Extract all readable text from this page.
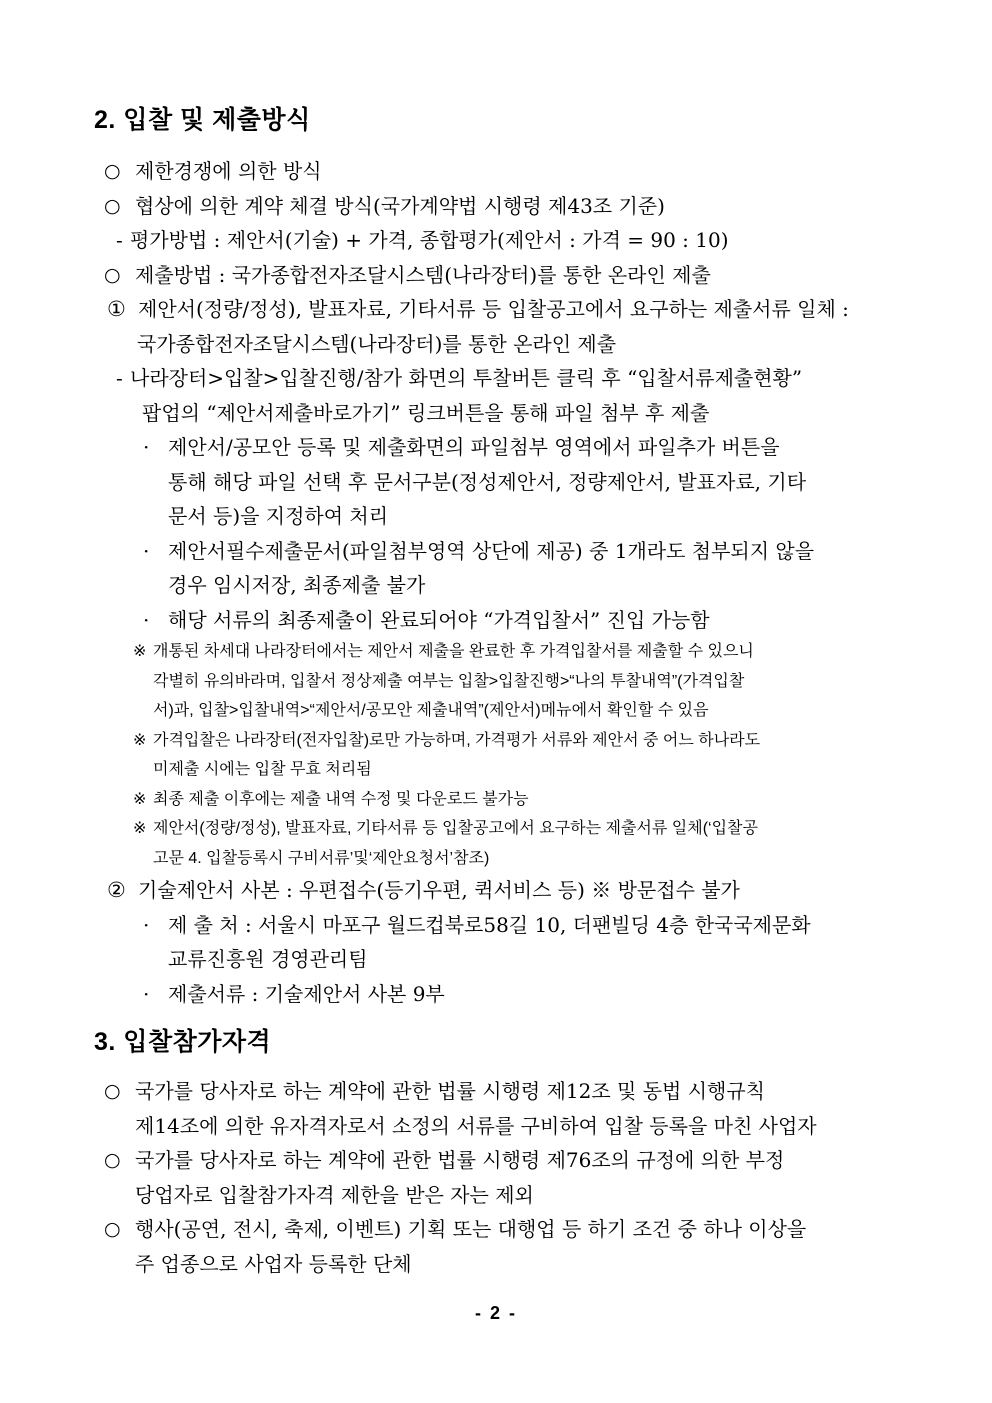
2. 입찰 및 제출방식
○ 제한경쟁에 의한 방식
○ 협상에 의한 계약 체결 방식(국가계약법 시행령 제43조 기준)
- 평가방법 : 제안서(기술) + 가격, 종합평가(제안서 : 가격 = 90 : 10)
○ 제출방법 : 국가종합전자조달시스템(나라장터)를 통한 온라인 제출
① 제안서(정량/정성), 발표자료, 기타서류 등 입찰공고에서 요구하는 제출서류 일체 :
국가종합전자조달시스템(나라장터)를 통한 온라인 제출
- 나라장터>입찰>입찰진행/참가 화면의 투찰버튼 클릭 후 “입찰서류제출현황”
팝업의 “제안서제출바로가기” 링크버튼을 통해 파일 첨부 후 제출
· 제안서/공모안 등록 및 제출화면의 파일첨부 영역에서 파일추가 버튼을
통해 해당 파일 선택 후 문서구분(정성제안서, 정량제안서, 발표자료, 기타
문서 등)을 지정하여 처리
· 제안서필수제출문서(파일첨부영역 상단에 제공) 중 1개라도 첨부되지 않을
경우 임시저장, 최종제출 불가
· 해당 서류의 최종제출이 완료되어야 “가격입찰서” 진입 가능함
※ 개통된 차세대 나라장터에서는 제안서 제출을 완료한 후 가격입찰서를 제출할 수 있으니
각별히 유의바라며, 입찰서 정상제출 여부는 입찰>입찰진행>“나의 투찰내역”(가격입찰
서)과, 입찰>입찰내역>“제안서/공모안 제출내역”(제안서)메뉴에서 확인할 수 있음
※ 가격입찰은 나라장터(전자입찰)로만 가능하며, 가격평가 서류와 제안서 중 어느 하나라도
미제출 시에는 입찰 무효 처리됨
※ 최종 제출 이후에는 제출 내역 수정 및 다운로드 불가능
※ 제안서(정량/정성), 발표자료, 기타서류 등 입찰공고에서 요구하는 제출서류 일체(‘입찰공
고문 4. 입찰등록시 구비서류’및‘제안요청서’참조)
② 기술제안서 사본 : 우편접수(등기우편, 퀵서비스 등) ※ 방문접수 불가
· 제 출 처 : 서울시 마포구 월드컵북로58길 10, 더팬빌딩 4층 한국국제문화
교류진흥원 경영관리팀
· 제출서류 : 기술제안서 사본 9부
3. 입찰참가자격
○ 국가를 당사자로 하는 계약에 관한 법률 시행령 제12조 및 동법 시행규칙
제14조에 의한 유자격자로서 소정의 서류를 구비하여 입찰 등록을 마친 사업자
○ 국가를 당사자로 하는 계약에 관한 법률 시행령 제76조의 규정에 의한 부정
당업자로 입찰참가자격 제한을 받은 자는 제외
○ 행사(공연, 전시, 축제, 이벤트) 기획 또는 대행업 등 하기 조건 중 하나 이상을
주 업종으로 사업자 등록한 단체
- 2 -
